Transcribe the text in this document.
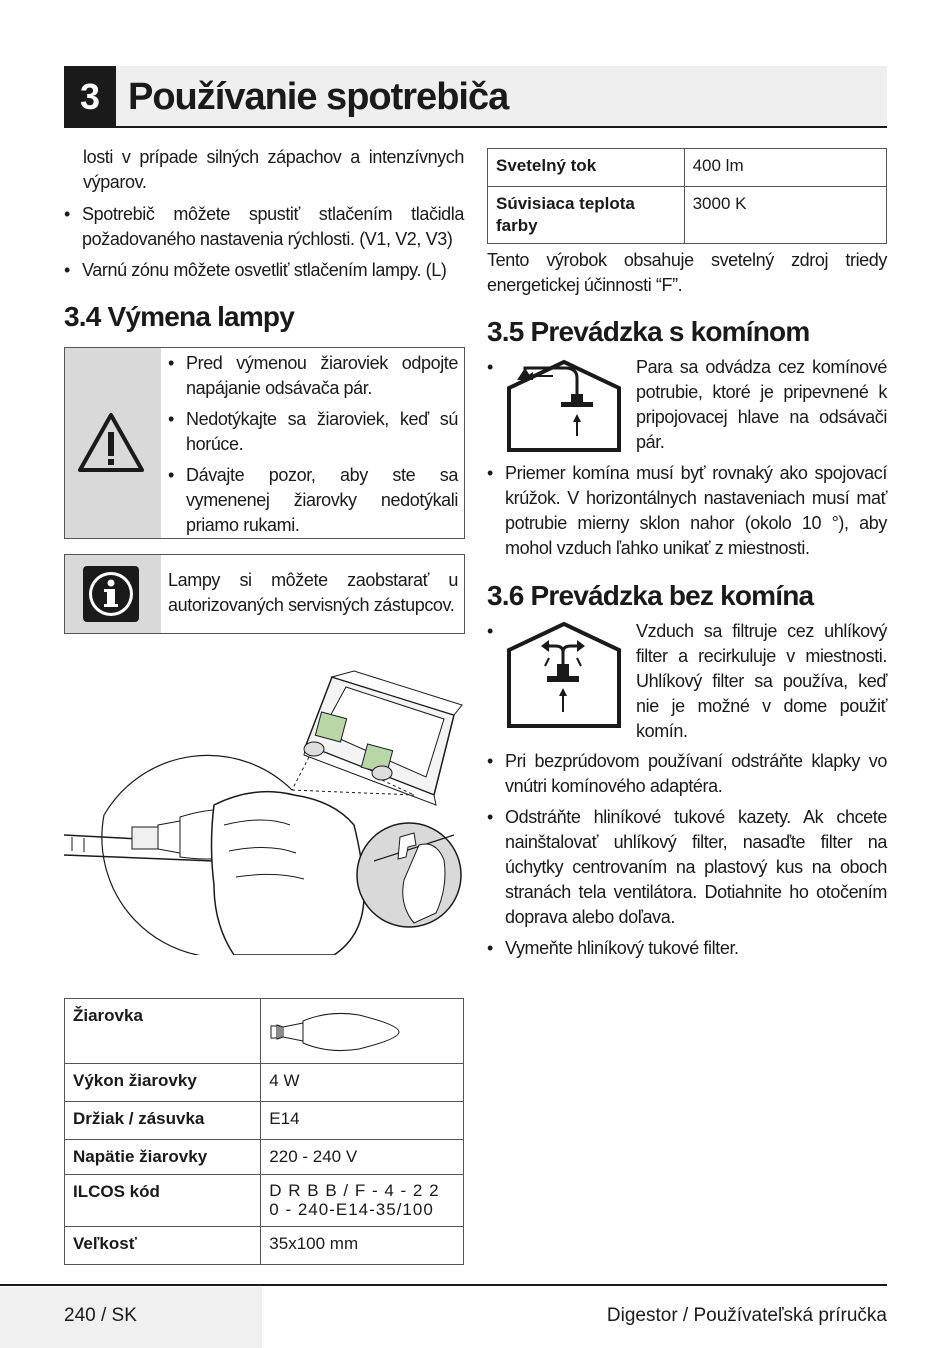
3 Používanie spotrebiča
losti v prípade silných zápachov a intenzívnych výparov.
• Spotrebič môžete spustiť stlačením tlačidla požadovaného nastavenia rýchlosti. (V1, V2, V3)
• Varnú zónu môžete osvetliť stlačením lampy. (L)
3.4 Výmena lampy
• Pred výmenou žiaroviek odpojte napájanie odsávača pár.
• Nedotýkajte sa žiaroviek, keď sú horúce.
• Dávajte pozor, aby ste sa vymenenej žiarovky nedotýkali priamo rukami.
Lampy si môžete zaobstarať u autorizovaných servisných zástupcov.
Žiarovka	

Výkon žiarovky	4 W
Držiak / zásuvka	E14
Napätie žiarovky	220 - 240 V
ILCOS kód	D R B B / F - 4 - 2 2 0 - 240-E14-35/100
Veľkosť	35x100 mm
Svetelný tok	400 lm
Súvisiaca teplota farby	3000 K
Tento výrobok obsahuje svetelný zdroj triedy energetickej účinnosti “F”.
3.5 Prevádzka s komínom
•	Para sa odvádza cez komínové potrubie, ktoré je pripevnené k pripojovacej hlave na odsávači pár.
• Priemer komína musí byť rovnaký ako spojovací krúžok. V horizontálnych nastaveniach musí mať potrubie mierny sklon nahor (okolo 10 °), aby mohol vzduch ľahko unikať z miestnosti.
3.6 Prevádzka bez komína
•	Vzduch sa filtruje cez uhlíkový filter a recirkuluje v miestnosti. Uhlíkový filter sa používa, keď nie je možné v dome použiť komín.
• Pri bezprúdovom používaní odstráňte klapky vo vnútri komínového adaptéra.
• Odstráňte hliníkové tukové kazety. Ak chcete nainštalovať uhlíkový filter, nasaďte filter na úchytky centrovaním na plastový kus na oboch stranách tela ventilátora. Dotiahnite ho otočením doprava alebo doľava.
• Vymeňte hliníkový tukové filter.
240 / SK	Digestor / Používateľská príručka
